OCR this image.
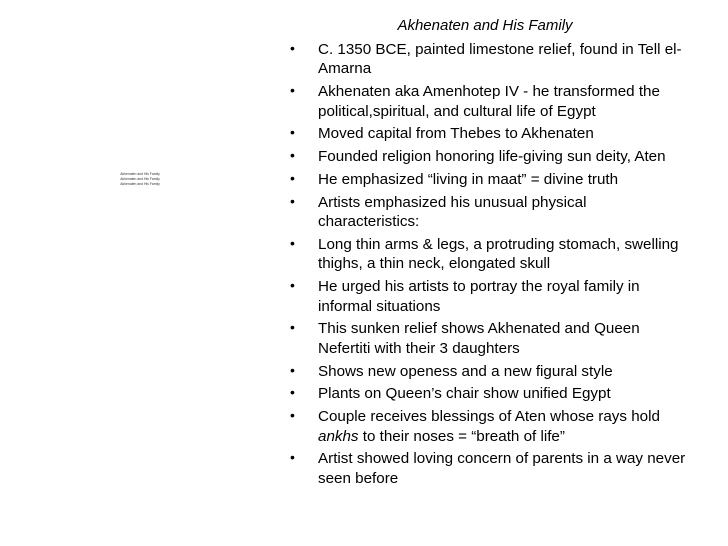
Akhenaten and His Family
Akhenaten and His Family
Akhenaten and His Family
Akhenaten and His Family
• C. 1350 BCE, painted limestone relief, found in Tell el-Amarna
• Akhenaten aka Amenhotep IV - he transformed the political,spiritual, and cultural life of Egypt
• Moved capital from Thebes to Akhenaten
• Founded religion honoring life-giving sun deity, Aten
• He emphasized “living in maat” = divine truth
• Artists emphasized his unusual physical characteristics:
• Long thin arms & legs, a protruding stomach, swelling thighs, a thin neck, elongated skull
• He urged his artists to portray the royal family in informal situations
• This sunken relief shows Akhenated and Queen Nefertiti with their 3 daughters
• Shows new openess and a new figural style
• Plants on Queen’s chair show unified Egypt
• Couple receives blessings of Aten whose rays hold ankhs to their noses = “breath of life”
• Artist showed loving concern of parents in a way never seen before
